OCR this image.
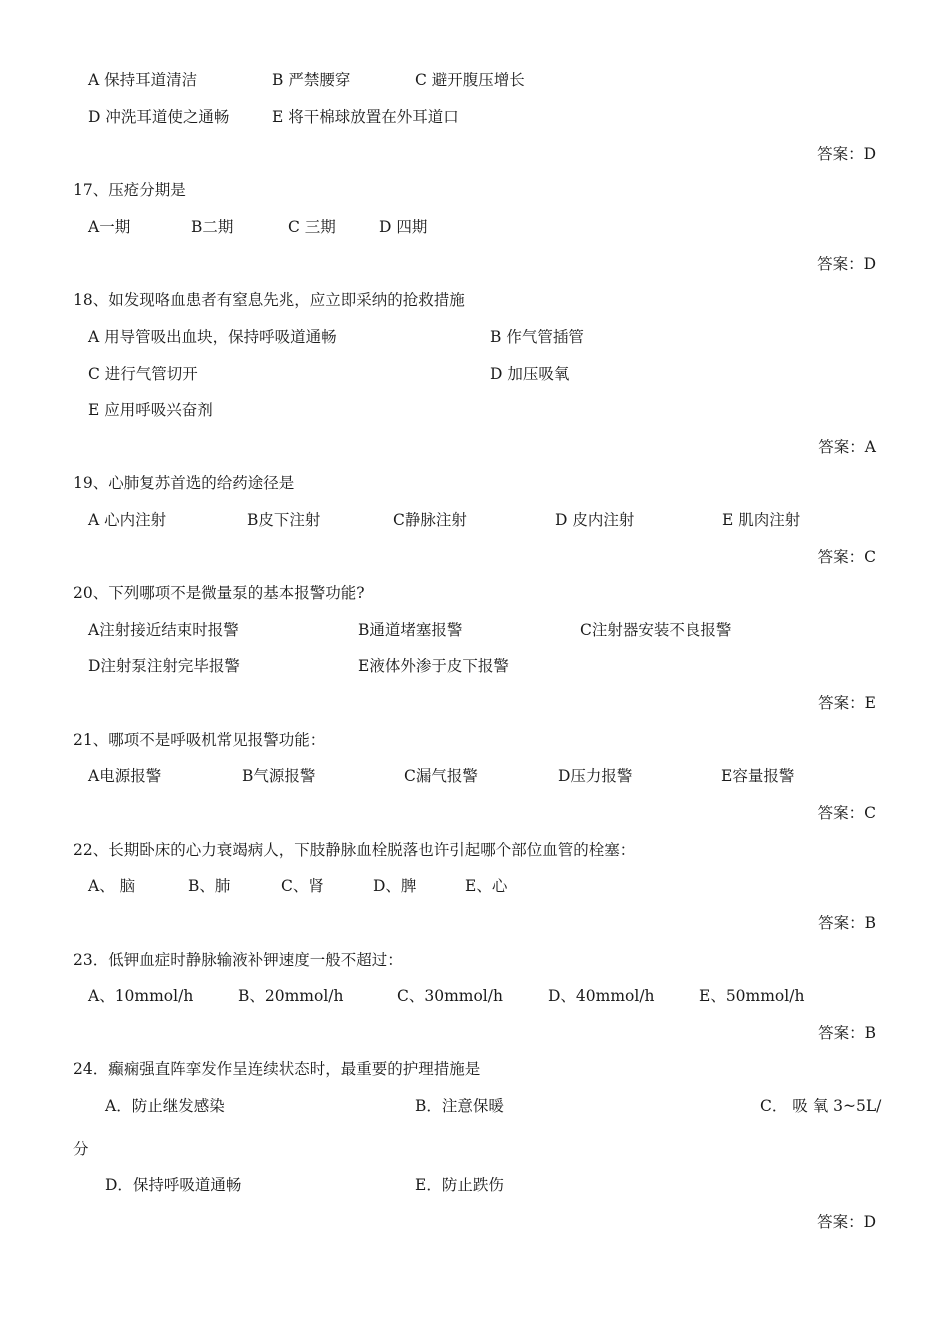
A 保持耳道清洁	B 严禁腰穿	C 避开腹压增长
D 冲洗耳道使之通畅	E 将干棉球放置在外耳道口
答案：D
17、压疮分期是
A一期	B二期	C 三期	D 四期
答案：D
18、如发现咯血患者有窒息先兆，应立即采纳的抢救措施
A 用导管吸出血块，保持呼吸道通畅	B 作气管插管
C 进行气管切开	D 加压吸氧
E 应用呼吸兴奋剂
答案：A
19、心肺复苏首选的给药途径是
A 心内注射	B皮下注射	C静脉注射	D 皮内注射	E 肌肉注射
答案：C
20、下列哪项不是微量泵的基本报警功能?
A注射接近结束时报警	B通道堵塞报警	C注射器安装不良报警
D注射泵注射完毕报警	E液体外渗于皮下报警
答案：E
21、哪项不是呼吸机常见报警功能：
A电源报警	B气源报警	C漏气报警	D压力报警	E容量报警
答案：C
22、长期卧床的心力衰竭病人，下肢静脉血栓脱落也许引起哪个部位血管的栓塞：
A、 脑	B、肺	C、肾	D、脾	E、心
答案：B
23．低钾血症时静脉输液补钾速度一般不超过：
A、10mmol/h	B、20mmol/h	C、30mmol/h	D、40mmol/h	E、50mmol/h
答案：B
24．癫痫强直阵挛发作呈连续状态时，最重要的护理措施是
A．防止继发感染	B．注意保暖	C． 吸 氧 3~5L/
分
D．保持呼吸道通畅	E．防止跌伤
答案：D
